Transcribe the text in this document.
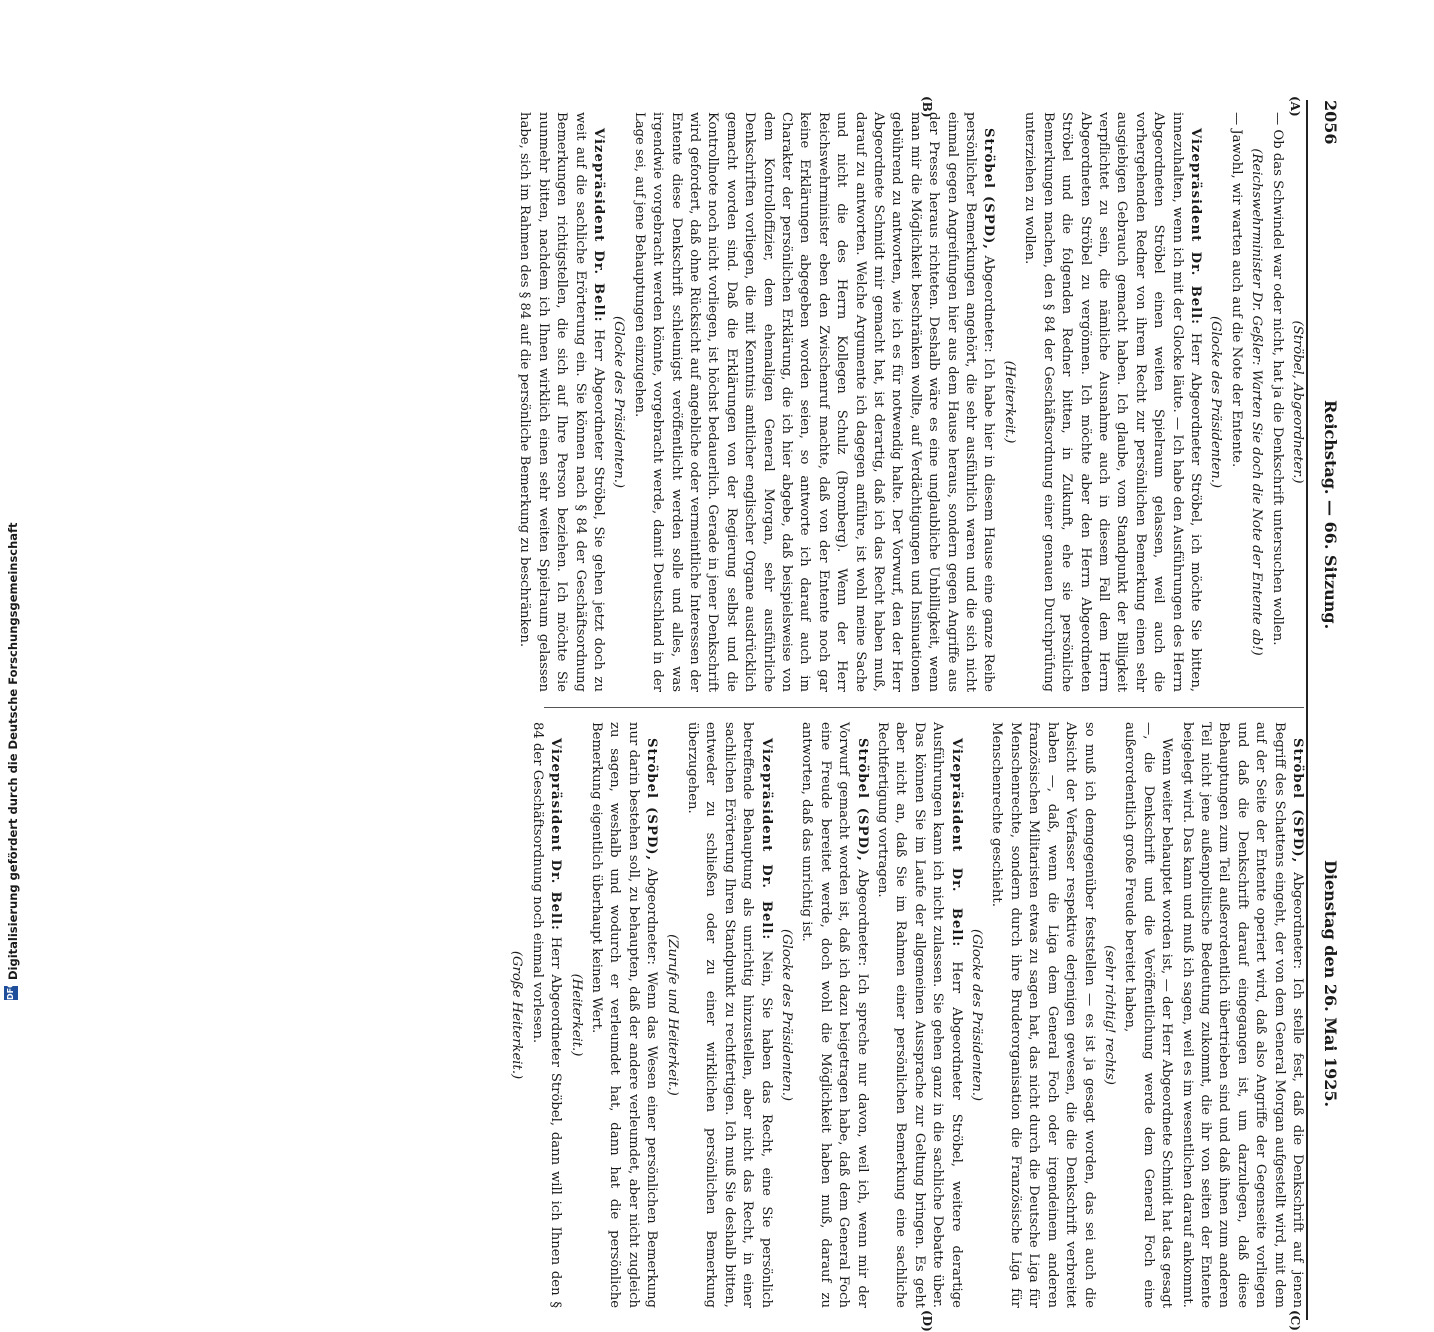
2056
Reichstag. — 66. Sitzung.
Dienstag den 26. Mai 1925.
(A)
(B)
(C)
(D)

(Ströbel, Abgeordneter.)

— Ob das Schwindel war oder nicht, hat ja die Denkschrift untersuchen wollen.

(Reichswehrminister Dr. Geßler: Warten Sie doch die Note der Entente ab!)

— Jawohl, wir warten auch auf die Note der Entente.

(Glocke des Präsidenten.)

Vizepräsident Dr. Bell: Herr Abgeordneter Ströbel, ich möchte Sie bitten, innezuhalten, wenn ich mit der Glocke läute. — Ich habe den Ausführungen des Herrn Abgeordneten Ströbel einen weiten Spielraum gelassen, weil auch die vorhergehenden Redner von ihrem Recht zur persönlichen Bemerkung einen sehr ausgiebigen Gebrauch gemacht haben. Ich glaube, vom Standpunkt der Billigkeit verpflichtet zu sein, die nämliche Ausnahme auch in diesem Fall dem Herrn Abgeordneten Ströbel zu vergönnen. Ich möchte aber den Herrn Abgeordneten Ströbel und die folgenden Redner bitten, in Zukunft, ehe sie persönliche Bemerkungen machen, den § 84 der Geschäftsordnung einer genauen Durchprüfung unterziehen zu wollen.

(Heiterkeit.)

Ströbel (SPD), Abgeordneter: Ich habe hier in diesem Hause eine ganze Reihe persönlicher Bemerkungen angehört, die sehr ausführlich waren und die sich nicht einmal gegen Angreifungen hier aus dem Hause heraus, sondern gegen Angriffe aus der Presse heraus richteten. Deshalb wäre es eine unglaubliche Unbilligkeit, wenn man mir die Möglichkeit beschränken wollte, auf Verdächtigungen und Insinuationen gebührend zu antworten, wie ich es für notwendig halte. Der Vorwurf, den der Herr Abgeordnete Schmidt mir gemacht hat, ist derartig, daß ich das Recht haben muß, darauf zu antworten. Welche Argumente ich dagegen anführe, ist wohl meine Sache und nicht die des Herrn Kollegen Schulz (Bromberg). Wenn der Herr Reichswehrminister eben den Zwischenruf machte, daß von der Entente noch gar keine Erklärungen abgegeben worden seien, so antworte ich darauf auch im Charakter der persönlichen Erklärung, die ich hier abgebe, daß beispielsweise von dem Kontrolloffizier, dem ehemaligen General Morgan, sehr ausführliche Denkschriften vorliegen, die mit Kenntnis amtlicher englischer Organe ausdrücklich gemacht worden sind. Daß die Erklärungen von der Regierung selbst und die Kontrollnote noch nicht vorliegen, ist höchst bedauerlich. Gerade in jener Denkschrift wird gefordert, daß ohne Rücksicht auf angebliche oder vermeintliche Interessen der Entente diese Denkschrift schleunigst veröffentlicht werden solle und alles, was irgendwie vorgebracht werden könnte, vorgebracht werde, damit Deutschland in der Lage sei, auf jene Behauptungen einzugehen.

(Glocke des Präsidenten.)

Vizepräsident Dr. Bell: Herr Abgeordneter Ströbel, Sie gehen jetzt doch zu weit auf die sachliche Erörterung ein. Sie können nach § 84 der Geschäftsordnung Bemerkungen richtigstellen, die sich auf Ihre Person beziehen. Ich möchte Sie nunmehr bitten, nachdem ich Ihnen wirklich einen sehr weiten Spielraum gelassen habe, sich im Rahmen des § 84 auf die persönliche Bemerkung zu beschränken.

Ströbel (SPD), Abgeordneter: Ich stelle fest, daß die Denkschrift auf jenen Begriff des Schattens eingeht, der von dem General Morgan aufgestellt wird, mit dem auf der Seite der Entente operiert wird, daß also Angriffe der Gegenseite vorliegen und daß die Denkschrift darauf eingegangen ist, um darzulegen, daß diese Behauptungen zum Teil außerordentlich übertrieben sind und daß ihnen zum anderen Teil nicht jene außenpolitische Bedeutung zukommt, die ihr von seiten der Entente beigelegt wird. Das kann und muß ich sagen, weil es im wesentlichen darauf ankommt.

Wenn weiter behauptet worden ist, — der Herr Abgeordnete Schmidt hat das gesagt —, die Denkschrift und die Veröffentlichung werde dem General Foch eine außerordentlich große Freude bereitet haben,

(sehr richtig! rechts)

so muß ich demgegenüber feststellen — es ist ja gesagt worden, das sei auch die Absicht der Verfasser respektive derjenigen gewesen, die die Denkschrift verbreitet haben —, daß, wenn die Liga dem General Foch oder irgendeinem anderen französischen Militaristen etwas zu sagen hat, das nicht durch die Deutsche Liga für Menschenrechte, sondern durch ihre Bruderorganisation die Französische Liga für Menschenrechte geschieht.

(Glocke des Präsidenten.)

Vizepräsident Dr. Bell: Herr Abgeordneter Ströbel, weitere derartige Ausführungen kann ich nicht zulassen. Sie gehen ganz in die sachliche Debatte über. Das können Sie im Laufe der allgemeinen Aussprache zur Geltung bringen. Es geht aber nicht an, daß Sie im Rahmen einer persönlichen Bemerkung eine sachliche Rechtfertigung vortragen.

Ströbel (SPD), Abgeordneter: Ich spreche nur davon, weil ich, wenn mir der Vorwurf gemacht worden ist, daß ich dazu beigetragen habe, daß dem General Foch eine Freude bereitet werde, doch wohl die Möglichkeit haben muß, darauf zu antworten, daß das unrichtig ist.

(Glocke des Präsidenten.)

Vizepräsident Dr. Bell: Nein, Sie haben das Recht, eine Sie persönlich betreffende Behauptung als unrichtig hinzustellen, aber nicht das Recht, in einer sachlichen Erörterung Ihren Standpunkt zu rechtfertigen. Ich muß Sie deshalb bitten, entweder zu schließen oder zu einer wirklichen persönlichen Bemerkung überzugehen.

(Zurufe und Heiterkeit.)

Ströbel (SPD), Abgeordneter: Wenn das Wesen einer persönlichen Bemerkung nur darin bestehen soll, zu behaupten, daß der andere verleumdet, aber nicht zugleich zu sagen, weshalb und wodurch er verleumdet hat, dann hat die persönliche Bemerkung eigentlich überhaupt keinen Wert.

(Heiterkeit.)

Vizepräsident Dr. Bell: Herr Abgeordneter Ströbel, dann will ich Ihnen den § 84 der Geschäftsordnung noch einmal vorlesen.

(Große Heiterkeit.)

DFG
Digitalisierung gefördert durch die Deutsche Forschungsgemeinschaft
